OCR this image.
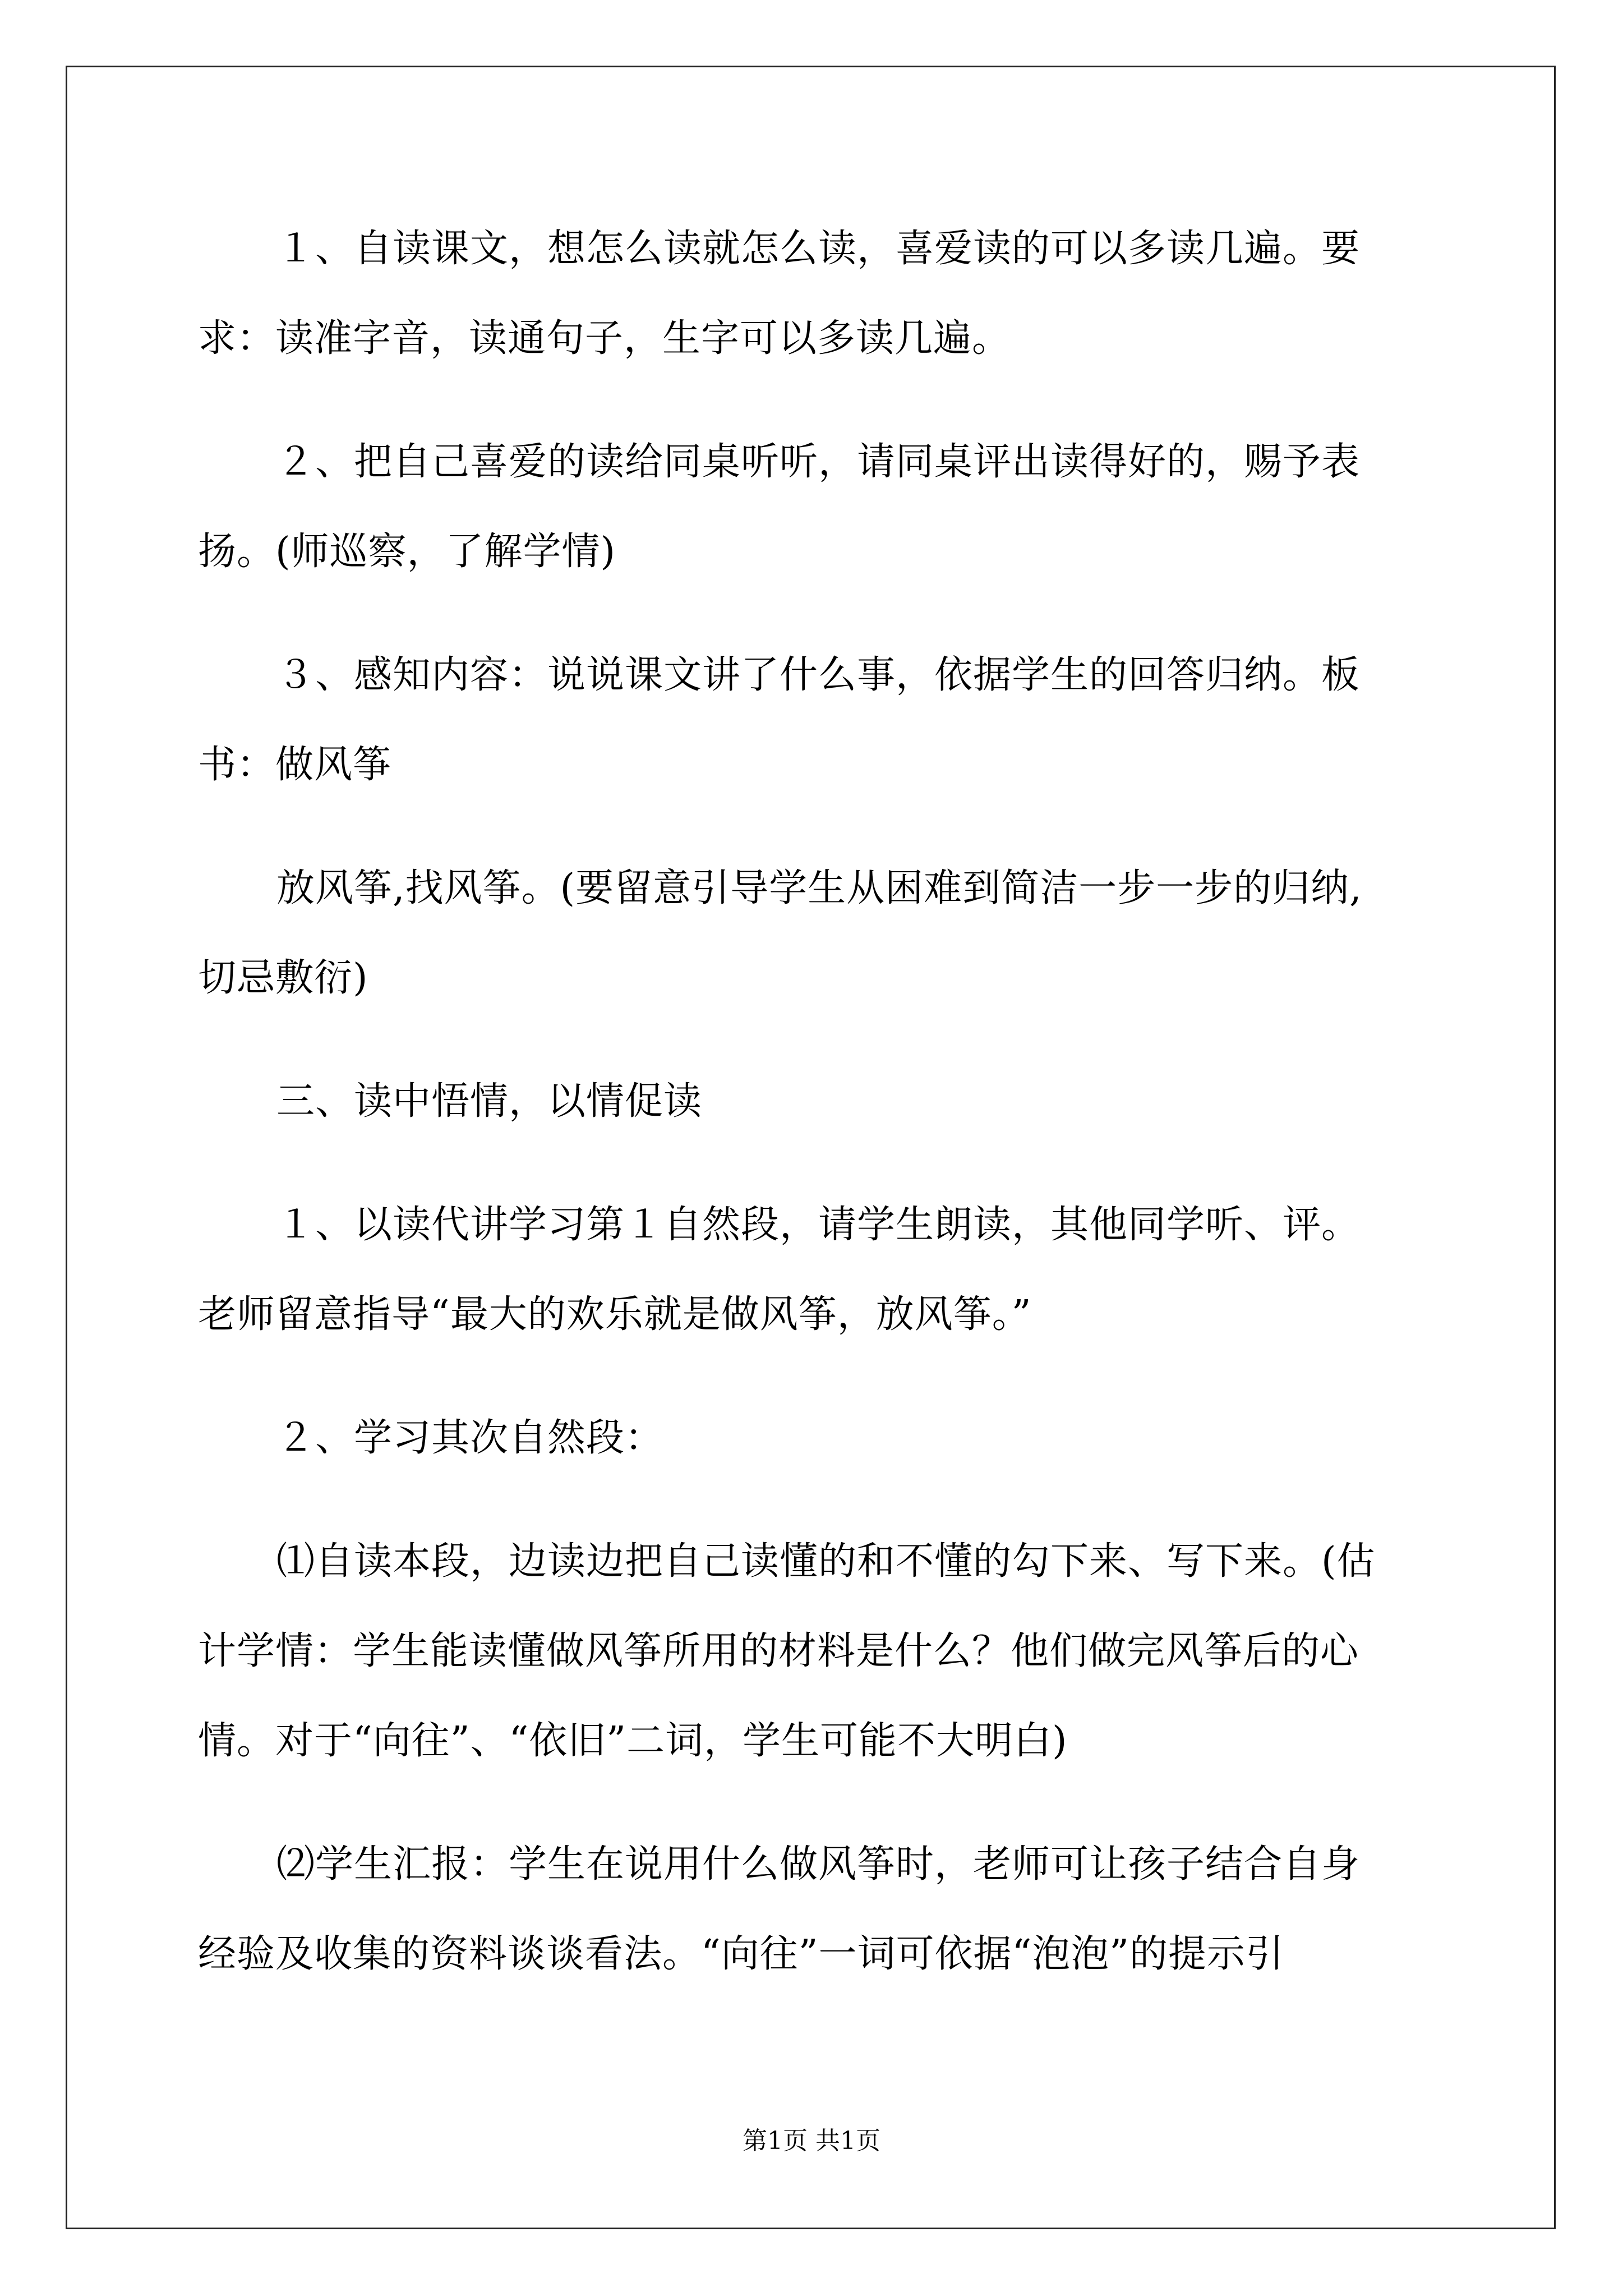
１、自读课文，想怎么读就怎么读，喜爱读的可以多读几遍。要
求：读准字音，读通句子，生字可以多读几遍。
２、把自己喜爱的读给同桌听听，请同桌评出读得好的，赐予表
扬。(师巡察，了解学情)
３、感知内容：说说课文讲了什么事，依据学生的回答归纳。板
书：做风筝
放风筝,找风筝。(要留意引导学生从困难到简洁一步一步的归纳,
切忌敷衍)
三、读中悟情，以情促读
１、以读代讲学习第１自然段，请学生朗读，其他同学听、评。
老师留意指导“最大的欢乐就是做风筝，放风筝。”
２、学习其次自然段：
⑴自读本段，边读边把自己读懂的和不懂的勾下来、写下来。(估
计学情：学生能读懂做风筝所用的材料是什么？他们做完风筝后的心
情。对于“向往”、“依旧”二词，学生可能不大明白)
⑵学生汇报：学生在说用什么做风筝时，老师可让孩子结合自身
经验及收集的资料谈谈看法。“向往”一词可依据“泡泡”的提示引
第1页 共1页
